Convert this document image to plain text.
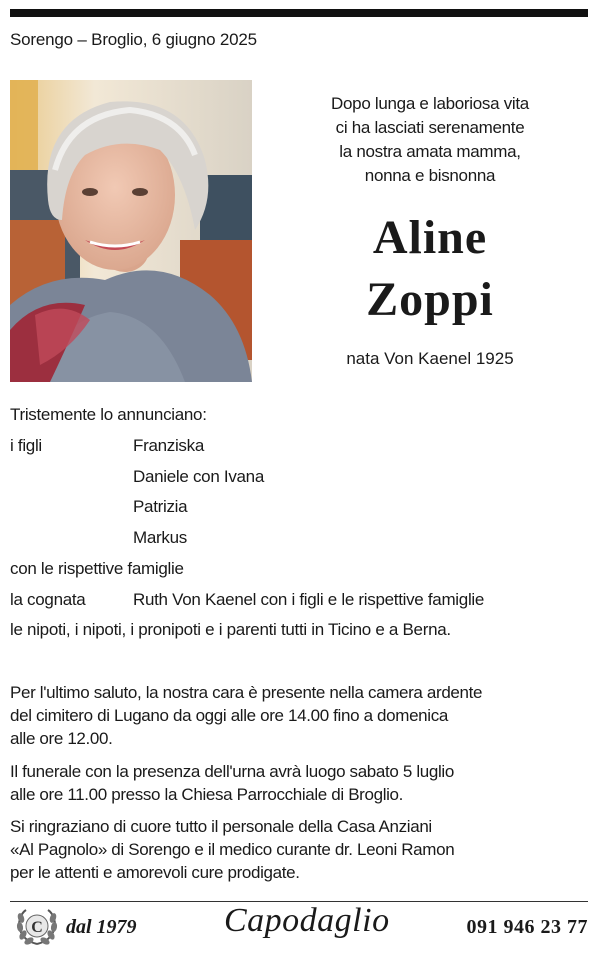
Sorengo – Broglio, 6 giugno 2025
Dopo lunga e laboriosa vita
ci ha lasciati serenamente
la nostra amata mamma,
nonna e bisnonna
Aline
Zoppi
nata Von Kaenel 1925
Tristemente lo annunciano:
i figli	Franziska
Daniele con Ivana
Patrizia
Markus
con le rispettive famiglie
la cognata	Ruth Von Kaenel con i figli e le rispettive famiglie
le nipoti, i nipoti, i pronipoti e i parenti tutti in Ticino e a Berna.

Per l'ultimo saluto, la nostra cara è presente nella camera ardente

del cimitero di Lugano da oggi alle ore 14.00 fino a domenica

alle ore 12.00.

Il funerale con la presenza dell'urna avrà luogo sabato 5 luglio

alle ore 11.00 presso la Chiesa Parrocchiale di Broglio.

Si ringraziano di cuore tutto il personale della Casa Anziani

«Al Pagnolo» di Sorengo e il medico curante dr. Leoni Ramon

per le attenti e amorevoli cure prodigate.

C dal 1979	Capodaglio	091 946 23 77
